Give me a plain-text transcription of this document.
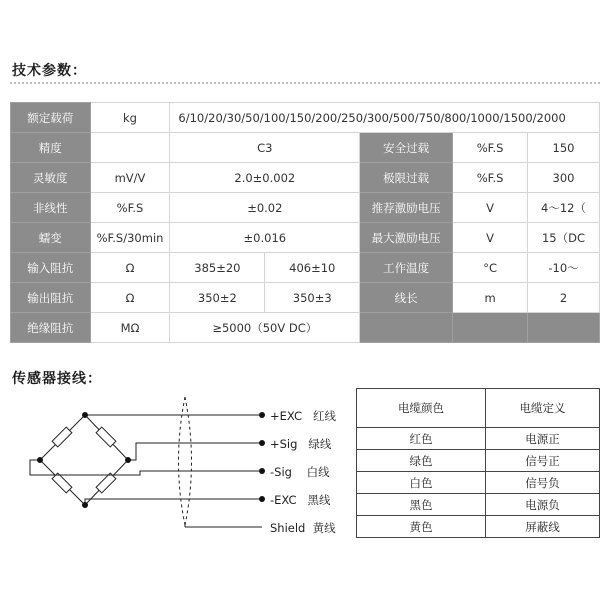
技术参数：
额定载荷	kg	6/10/20/30/50/100/150/200/250/300/500/750/800/1000/1500/2000				
精度		C3		安全过载	%F.S	150
灵敏度	mV/V	2.0±0.002		极限过载	%F.S	300
非线性	%F.S	±0.02		推荐激励电压	V	4～12（
蠕变	%F.S/30min	±0.016		最大激励电压	V	15（DC
输入阻抗	Ω	385±20	406±10	工作温度	°C	-10～
输出阻抗	Ω	350±2	350±3	线长	m	2
绝缘阻抗	MΩ	≥5000（50V DC）				
传感器接线：
+EXC 红线
+Sig 绿线
-Sig 白线
-EXC 黑线
Shield 黄线
电缆颜色	电缆定义
红色	电源正
绿色	信号正
白色	信号负
黑色	电源负
黄色	屏蔽线
